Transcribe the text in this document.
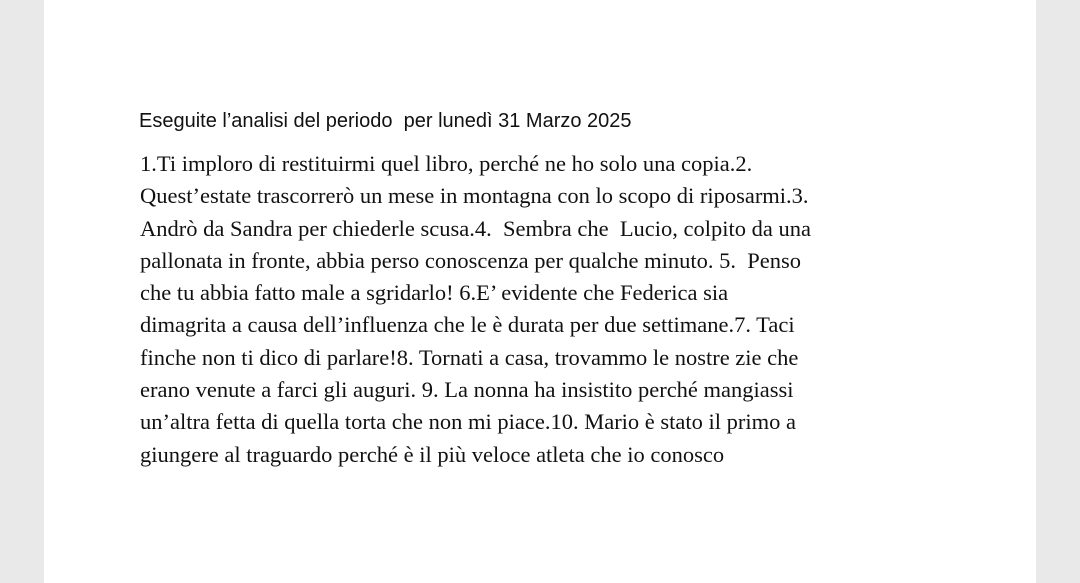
Eseguite l’analisi del periodo  per lunedì 31 Marzo 2025
1.Ti imploro di restituirmi quel libro, perché ne ho solo una copia.2.
Quest’estate trascorrerò un mese in montagna con lo scopo di riposarmi.3.
Andrò da Sandra per chiederle scusa.4.  Sembra che  Lucio, colpito da una
pallonata in fronte, abbia perso conoscenza per qualche minuto. 5.  Penso
che tu abbia fatto male a sgridarlo! 6.E’ evidente che Federica sia
dimagrita a causa dell’influenza che le è durata per due settimane.7. Taci
finche non ti dico di parlare!8. Tornati a casa, trovammo le nostre zie che
erano venute a farci gli auguri. 9. La nonna ha insistito perché mangiassi
un’altra fetta di quella torta che non mi piace.10. Mario è stato il primo a
giungere al traguardo perché è il più veloce atleta che io conosco
